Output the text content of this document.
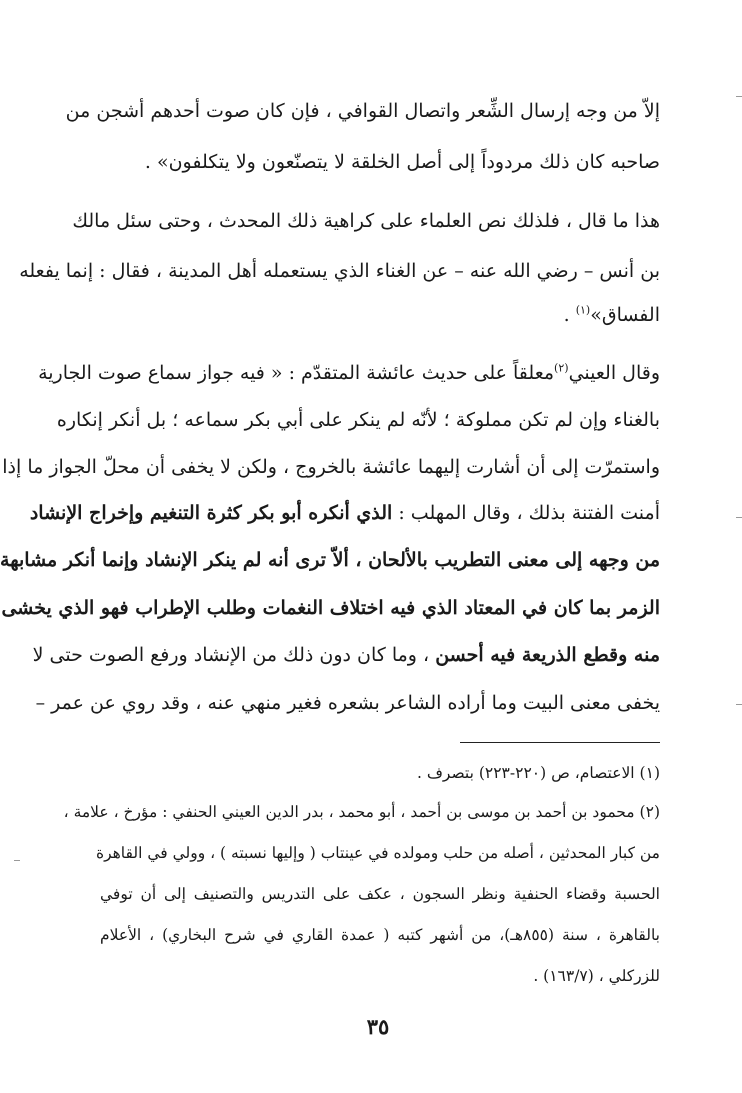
إلاّ من وجه إرسال الشِّعر واتصال القوافي ، فإن كان صوت أحدهم أشجن من
صاحبه كان ذلك مردوداً إلى أصل الخلقة لا يتصنّعون ولا يتكلفون» .
هذا ما قال ، فلذلك نص العلماء على كراهية ذلك المحدث ، وحتى سئل مالك
بن أنس – رضي الله عنه – عن الغناء الذي يستعمله أهل المدينة ، فقال : إنما يفعله
الفساق»$^{(١)}$ .
وقال العيني$^{(٢)}$معلقاً على حديث عائشة المتقدّم : « فيه جواز سماع صوت الجارية
بالغناء وإن لم تكن مملوكة ؛ لأنّه لم ينكر على أبي بكر سماعه ؛ بل أنكر إنكاره
واستمرّت إلى أن أشارت إليهما عائشة بالخروج ، ولكن لا يخفى أن محلّ الجواز ما إذا
أمنت الفتنة بذلك ، وقال المهلب : الذي أنكره أبو بكر كثرة التنغيم وإخراج الإنشاد
من وجهه إلى معنى التطريب بالألحان ، ألاّ ترى أنه لم ينكر الإنشاد وإنما أنكر مشابهة
الزمر بما كان في المعتاد الذي فيه اختلاف النغمات وطلب الإطراب فهو الذي يخشى
منه وقطع الذريعة فيه أحسن ، وما كان دون ذلك من الإنشاد ورفع الصوت حتى لا
يخفى معنى البيت وما أراده الشاعر بشعره فغير منهي عنه ، وقد روي عن عمر –
(١) الاعتصام، ص (٢٢٠-٢٢٣) بتصرف .
(٢) محمود بن أحمد بن موسى بن أحمد ، أبو محمد ، بدر الدين العيني الحنفي : مؤرخ ، علامة ،
من كبار المحدثين ، أصله من حلب ومولده في عينتاب ( وإليها نسبته ) ، وولي في القاهرة
الحسبة وقضاء الحنفية ونظر السجون ، عكف على التدريس والتصنيف إلى أن توفي
بالقاهرة ، سنة (٨٥٥هـ)، من أشهر كتبه ( عمدة القاري في شرح البخاري) ، الأعلام
للزركلي ، (١٦٣/٧) .
٣٥
